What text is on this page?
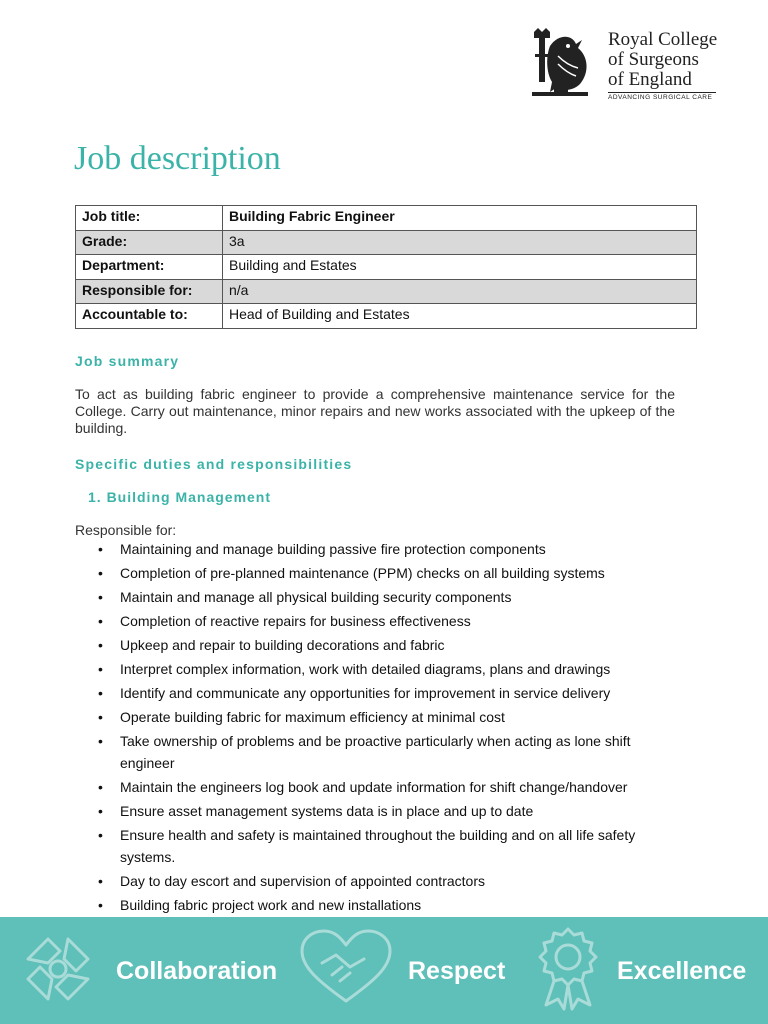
Royal College
of Surgeons
of England
ADVANCING SURGICAL CARE
Job description
Job title:	Building Fabric Engineer
Grade:	3a
Department:	Building and Estates
Responsible for:	n/a
Accountable to:	Head of Building and Estates
Job summary

To act as building fabric engineer to provide a comprehensive maintenance service for the College. Carry out maintenance, minor repairs and new works associated with the upkeep of the building.

Specific duties and responsibilities
1. Building Management
Responsible for:
• Maintaining and manage building passive fire protection components
• Completion of pre-planned maintenance (PPM) checks on all building systems
• Maintain and manage all physical building security components
• Completion of reactive repairs for business effectiveness
• Upkeep and repair to building decorations and fabric
• Interpret complex information, work with detailed diagrams, plans and drawings
• Identify and communicate any opportunities for improvement in service delivery
• Operate building fabric for maximum efficiency at minimal cost
• Take ownership of problems and be proactive particularly when acting as lone shift engineer
• Maintain the engineers log book and update information for shift change/handover
• Ensure asset management systems data is in place and up to date
• Ensure health and safety is maintained throughout the building and on all life safety systems.
• Day to day escort and supervision of appointed contractors
• Building fabric project work and new installations
Collaboration	Respect	Excellence
